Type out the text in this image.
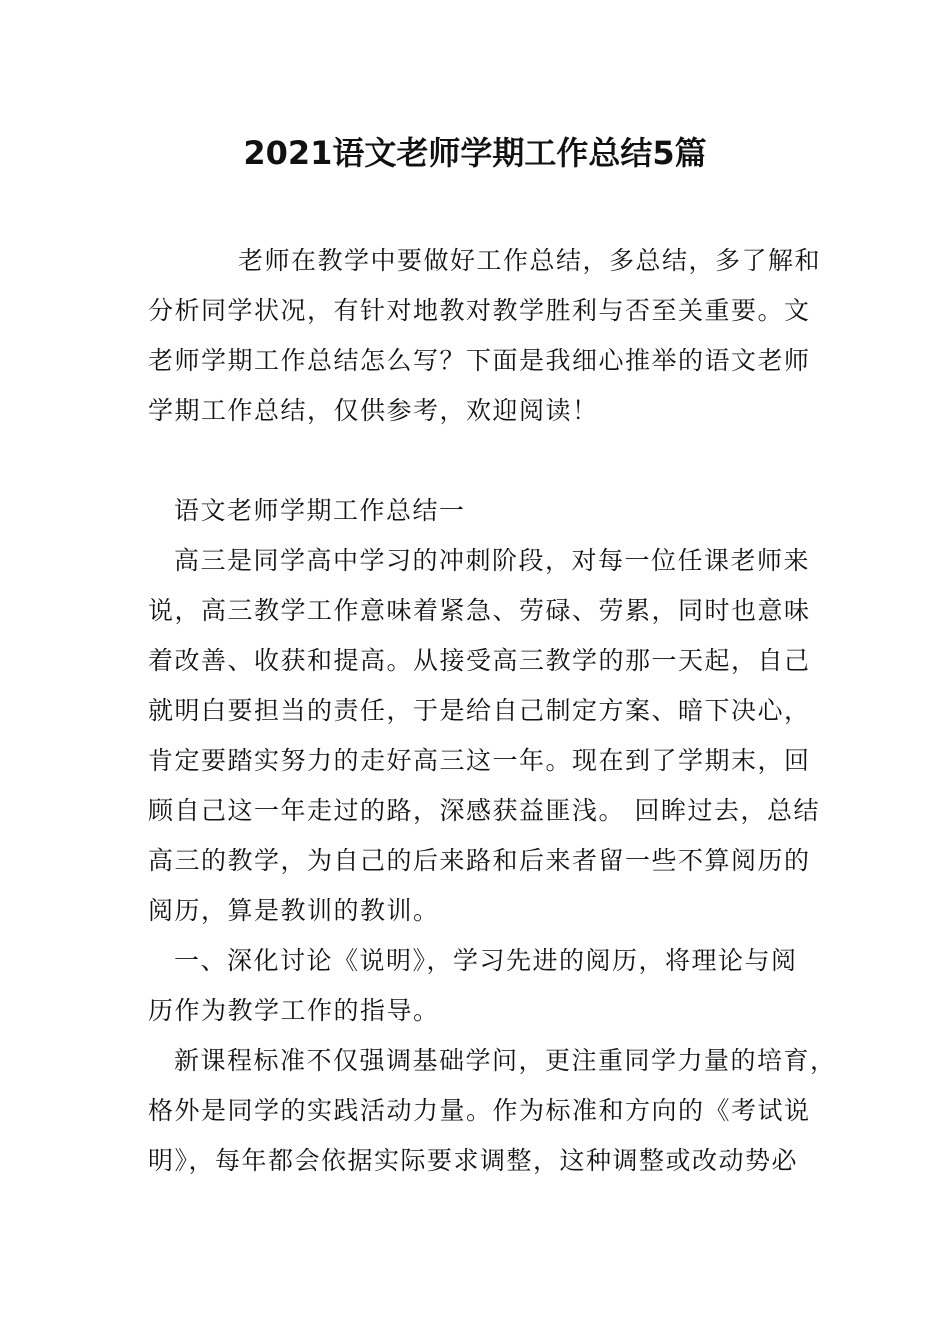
2021语文老师学期工作总结5篇
老师在教学中要做好工作总结，多总结，多了解和
分析同学状况，有针对地教对教学胜利与否至关重要。文
老师学期工作总结怎么写？下面是我细心推举的语文老师
学期工作总结，仅供参考，欢迎阅读！
语文老师学期工作总结一
高三是同学高中学习的冲刺阶段，对每一位任课老师来
说，高三教学工作意味着紧急、劳碌、劳累，同时也意味
着改善、收获和提高。从接受高三教学的那一天起，自己
就明白要担当的责任，于是给自己制定方案、暗下决心，
肯定要踏实努力的走好高三这一年。现在到了学期末，回
顾自己这一年走过的路，深感获益匪浅。 回眸过去，总结
高三的教学，为自己的后来路和后来者留一些不算阅历的
阅历，算是教训的教训。
一、深化讨论《说明》，学习先进的阅历，将理论与阅
历作为教学工作的指导。
新课程标准不仅强调基础学问，更注重同学力量的培育，
格外是同学的实践活动力量。作为标准和方向的《考试说
明》，每年都会依据实际要求调整，这种调整或改动势必
